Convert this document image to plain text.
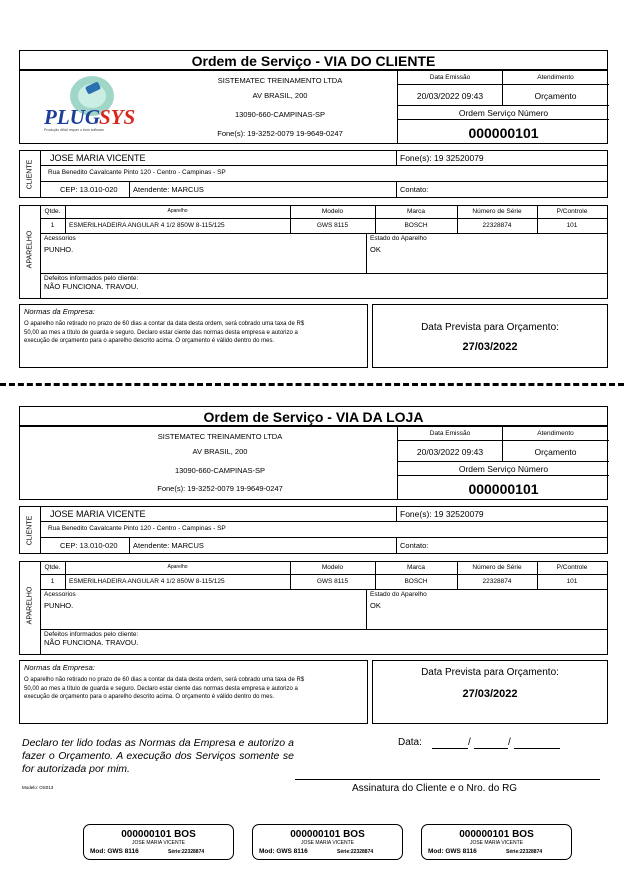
Ordem de Serviço - VIA DO CLIENTE
PLUG SYS
Produção difícil requer o bom software
SISTEMATEC TREINAMENTO LTDA
AV BRASIL, 200
13090-660-CAMPINAS-SP
Fone(s): 19-3252-0079 19-9649-0247
Data Emissão
20/03/2022 09:43
Atendimento
Orçamento
Ordem Serviço Número
000000101
CLIENTE
JOSE MARIA VICENTE	Fone(s): 19 32520079
Rua Benedito Cavalcante Pinto 120 - Centro - Campinas - SP
CEP: 13.010-020 Atendente: MARCUS	Contato:
APARELHO
Qtde.	Aparelho	Modelo	Marca	Número de Série	P/Controle
1	ESMERILHADEIRA ANGULAR 4 1/2 850W 8-115/125	GWS 8115	BOSCH	22328874	101
Acessorios
PUNHO.
Estado do Aparelho
OK
Defeitos informados pelo cliente:
NÃO FUNCIONA. TRAVOU.
Normas da Empresa:
O aparelho não retirado no prazo de 60 dias a contar da data desta ordem, será cobrado uma taxa de R$ 50,00 ao mes a título de guarda e seguro. Declaro estar ciente das normas desta empresa e autorizo a execução de orçamento para o aparelho descrito acima. O orçamento é válido dentro do mes.
Data Prevista para Orçamento:
27/03/2022
Ordem de Serviço - VIA DA LOJA
SISTEMATEC TREINAMENTO LTDA
AV BRASIL, 200
13090-660-CAMPINAS-SP
Fone(s): 19-3252-0079 19-9649-0247
Data Emissão
20/03/2022 09:43
Atendimento
Orçamento
Ordem Serviço Número
000000101
CLIENTE
JOSE MARIA VICENTE	Fone(s): 19 32520079
Rua Benedito Cavalcante Pinto 120 - Centro - Campinas - SP
CEP: 13.010-020 Atendente: MARCUS	Contato:
APARELHO
Qtde.	Aparelho	Modelo	Marca	Número de Série	P/Controle
1	ESMERILHADEIRA ANGULAR 4 1/2 850W 8-115/125	GWS 8115	BOSCH	22328874	101
Acessorios
PUNHO.
Estado do Aparelho
OK
Defeitos informados pelo cliente:
NÃO FUNCIONA. TRAVOU.
Normas da Empresa:
O aparelho não retirado no prazo de 60 dias a contar da data desta ordem, será cobrado uma taxa de R$ 50,00 ao mes a título de guarda e seguro. Declaro estar ciente das normas desta empresa e autorizo a execução de orçamento para o aparelho descrito acima. O orçamento é válido dentro do mes.
Data Prevista para Orçamento:
27/03/2022
Declaro ter lido todas as Normas da Empresa e autorizo a fazer o Orçamento. A execução dos Serviços somente se for autorizada por mim.
Data:	/	/
Modelo: OS013	Assinatura do Cliente e o Nro. do RG
000000101 BOS
JOSE MARIA VICENTE
Mod: GWS 8116	Série:22328874
000000101 BOS
JOSE MARIA VICENTE
Mod: GWS 8116	Série:22328874
000000101 BOS
JOSE MARIA VICENTE
Mod: GWS 8116	Série:22328874
